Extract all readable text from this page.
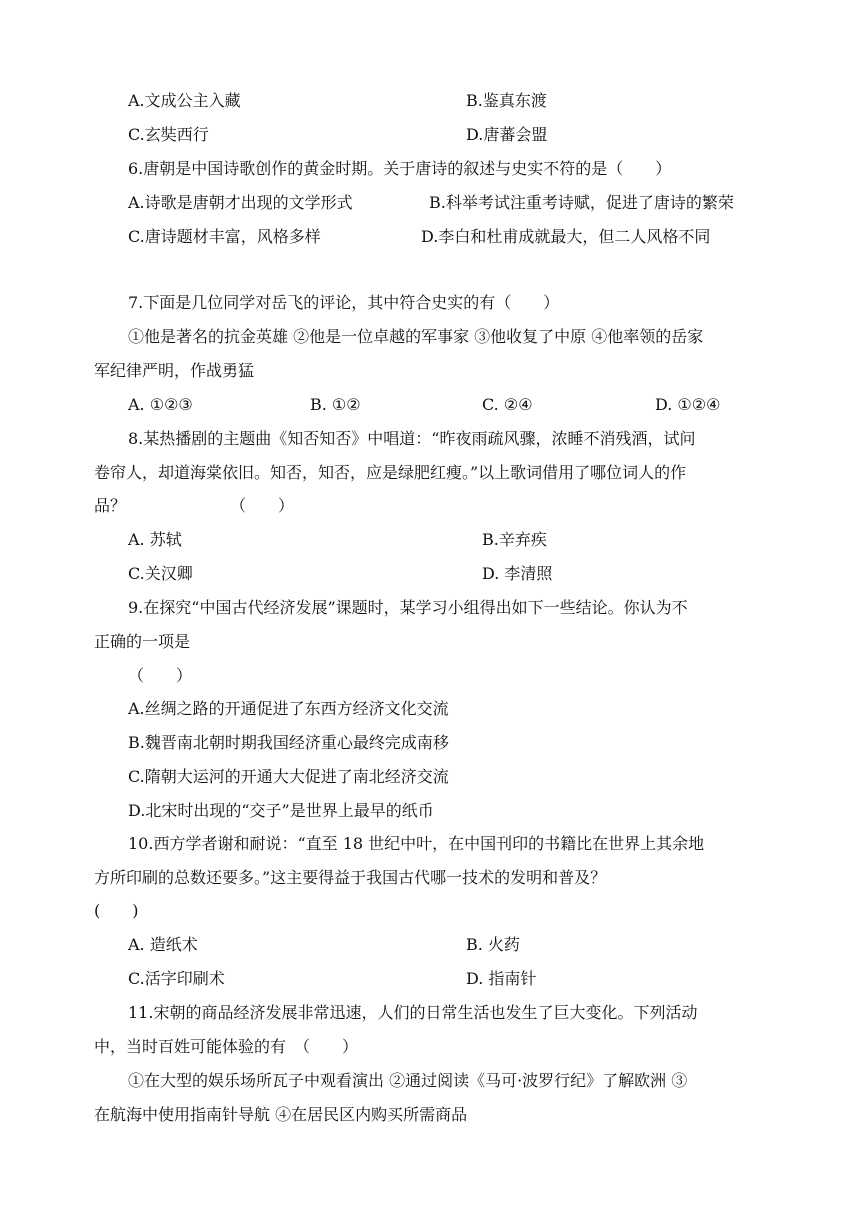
A.文成公主入藏	B.鉴真东渡
C.玄奘西行	D.唐蕃会盟
6.唐朝是中国诗歌创作的黄金时期。关于唐诗的叙述与史实不符的是（　　）
A.诗歌是唐朝才出现的文学形式	B.科举考试注重考诗赋，促进了唐诗的繁荣
C.唐诗题材丰富，风格多样	D.李白和杜甫成就最大，但二人风格不同
7.下面是几位同学对岳飞的评论，其中符合史实的有（　　）
①他是著名的抗金英雄 ②他是一位卓越的军事家 ③他收复了中原 ④他率领的岳家
军纪律严明，作战勇猛
A. ①②③	B. ①②	C. ②④	D. ①②④
8.某热播剧的主题曲《知否知否》中唱道：“昨夜雨疏风骤，浓睡不消残酒，试问
卷帘人，却道海棠依旧。知否，知否，应是绿肥红瘦。”以上歌词借用了哪位词人的作
品？　　　　　　　（　　）
A. 苏轼	B.辛弃疾
C.关汉卿	D. 李清照
9.在探究“中国古代经济发展”课题时，某学习小组得出如下一些结论。你认为不
正确的一项是
（　　）
A.丝绸之路的开通促进了东西方经济文化交流
B.魏晋南北朝时期我国经济重心最终完成南移
C.隋朝大运河的开通大大促进了南北经济交流
D.北宋时出现的“交子”是世界上最早的纸币
10.西方学者谢和耐说：“直至 18 世纪中叶，在中国刊印的书籍比在世界上其余地
方所印刷的总数还要多。”这主要得益于我国古代哪一技术的发明和普及？
(　　)
A. 造纸术	B. 火药
C.活字印刷术	D. 指南针
11.宋朝的商品经济发展非常迅速，人们的日常生活也发生了巨大变化。下列活动
中，当时百姓可能体验的有　（　　）
①在大型的娱乐场所瓦子中观看演出 ②通过阅读《马可·波罗行纪》了解欧洲 ③
在航海中使用指南针导航 ④在居民区内购买所需商品
